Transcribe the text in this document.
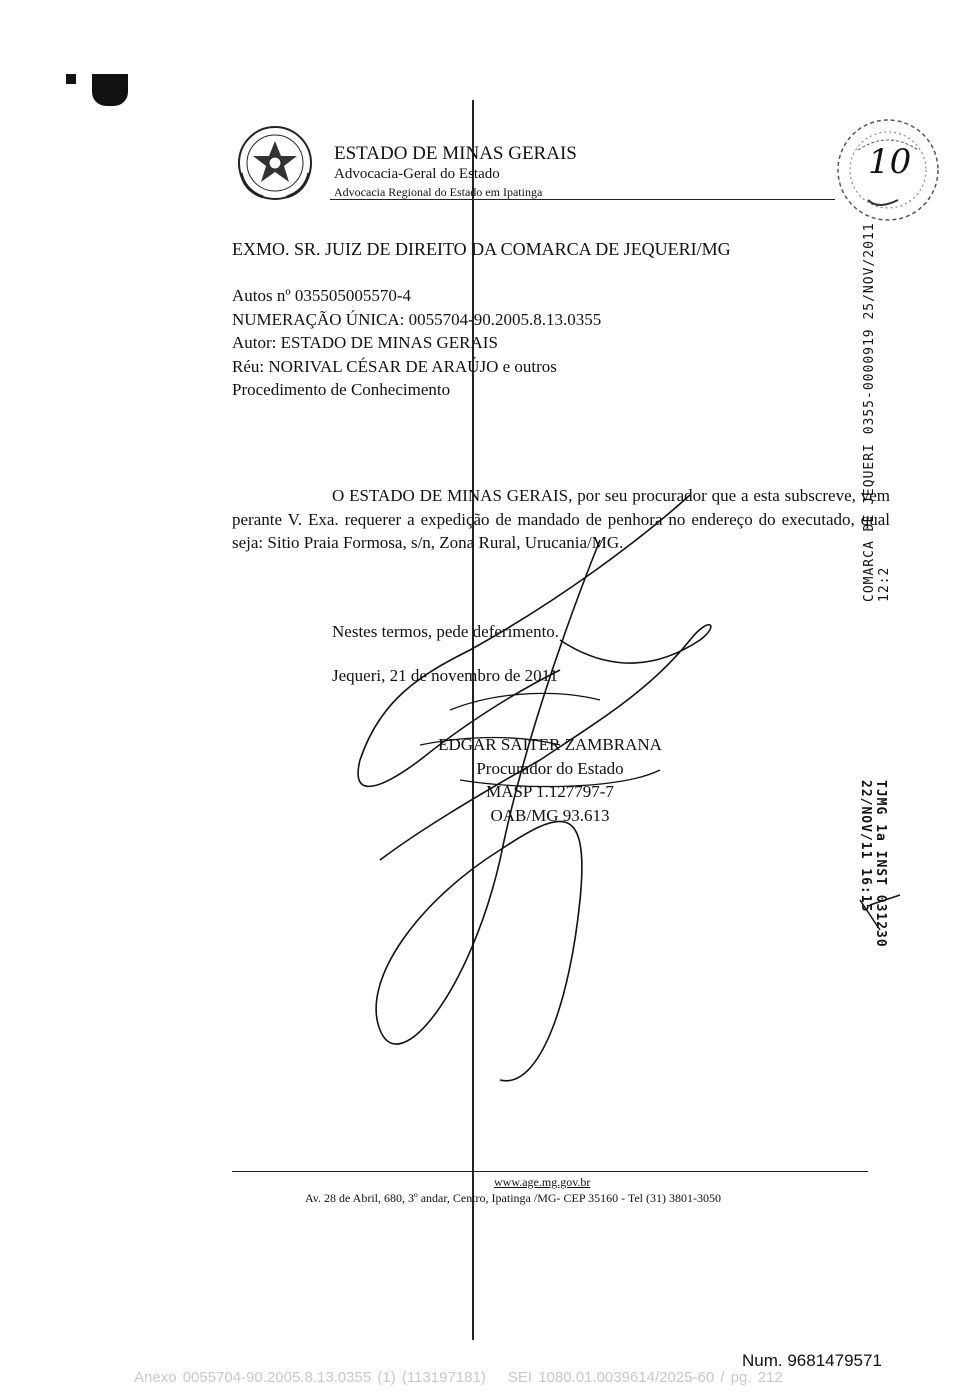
ESTADO DE MINAS GERAIS
Advocacia-Geral do Estado
Advocacia Regional do Estado em Ipatinga
10
EXMO. SR. JUIZ DE DIREITO DA COMARCA DE JEQUERI/MG
Autos nº 035505005570-4
NUMERAÇÃO ÚNICA: 0055704-90.2005.8.13.0355
Autor: ESTADO DE MINAS GERAIS
Réu: NORIVAL CÉSAR DE ARAÚJO e outros
Procedimento de Conhecimento
O ESTADO DE MINAS GERAIS, por seu procurador que a esta subscreve, vem perante V. Exa. requerer a expedição de mandado de penhora no endereço do executado, qual seja: Sitio Praia Formosa, s/n, Zona Rural, Urucania/MG.
Nestes termos, pede deferimento.
Jequeri, 21 de novembro de 2011
EDGAR SAITER ZAMBRANA
Procurador do Estado
MASP 1.127797-7
OAB/MG 93.613
COMARCA DE JEQUERI 0355-0000919 25/NOV/2011 12:2
TJMG 1a INST 031230 22/NOV/11 16:15
www.age.mg.gov.br
Av. 28 de Abril, 680, 3º andar, Centro, Ipatinga /MG- CEP 35160 - Tel (31) 3801-3050
Num. 9681479571
Anexo 0055704-90.2005.8.13.0355 (1) (113197181) SEI 1080.01.0039614/2025-60 / pg. 212
